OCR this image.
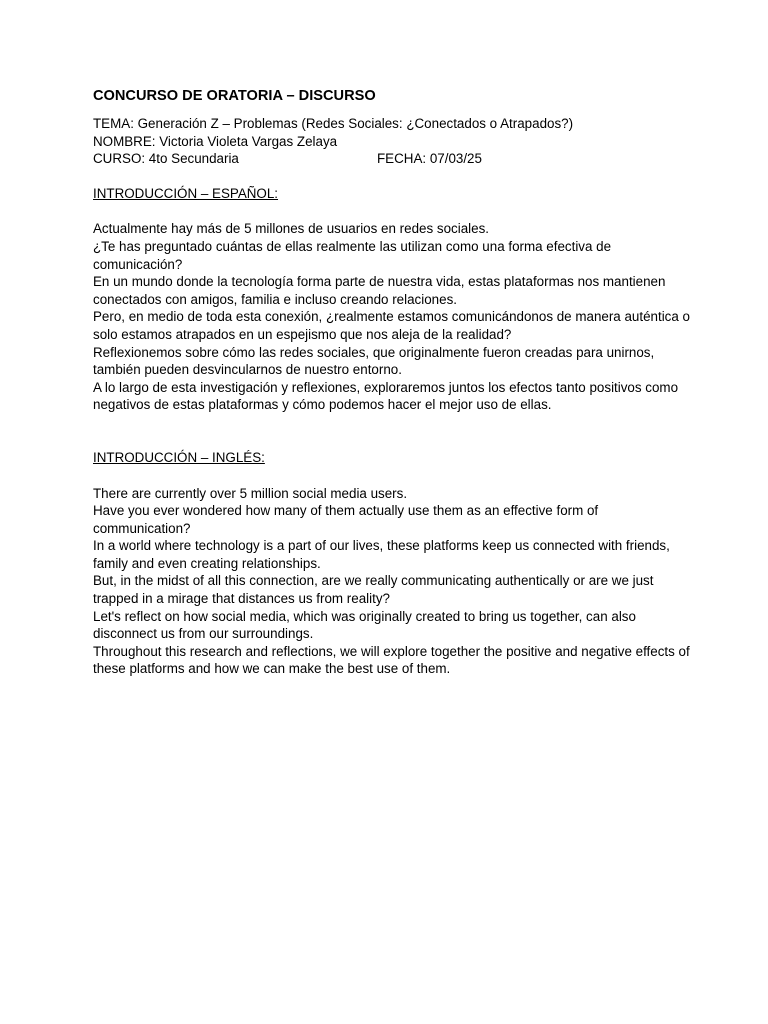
CONCURSO DE ORATORIA – DISCURSO

TEMA: Generación Z – Problemas (Redes Sociales: ¿Conectados o Atrapados?)

NOMBRE: Victoria Violeta Vargas Zelaya

CURSO: 4to Secundaria	FECHA: 07/03/25
INTRODUCCIÓN – ESPAÑOL:

Actualmente hay más de 5 millones de usuarios en redes sociales.

¿Te has preguntado cuántas de ellas realmente las utilizan como una forma efectiva de comunicación?

En un mundo donde la tecnología forma parte de nuestra vida, estas plataformas nos mantienen conectados con amigos, familia e incluso creando relaciones.

Pero, en medio de toda esta conexión, ¿realmente estamos comunicándonos de manera auténtica o solo estamos atrapados en un espejismo que nos aleja de la realidad?

Reflexionemos sobre cómo las redes sociales, que originalmente fueron creadas para unirnos, también pueden desvincularnos de nuestro entorno.

A lo largo de esta investigación y reflexiones, exploraremos juntos los efectos tanto positivos como negativos de estas plataformas y cómo podemos hacer el mejor uso de ellas.

INTRODUCCIÓN – INGLÉS:

There are currently over 5 million social media users.

Have you ever wondered how many of them actually use them as an effective form of communication?

In a world where technology is a part of our lives, these platforms keep us connected with friends, family and even creating relationships.

But, in the midst of all this connection, are we really communicating authentically or are we just trapped in a mirage that distances us from reality?

Let's reflect on how social media, which was originally created to bring us together, can also disconnect us from our surroundings.

Throughout this research and reflections, we will explore together the positive and negative effects of these platforms and how we can make the best use of them.
